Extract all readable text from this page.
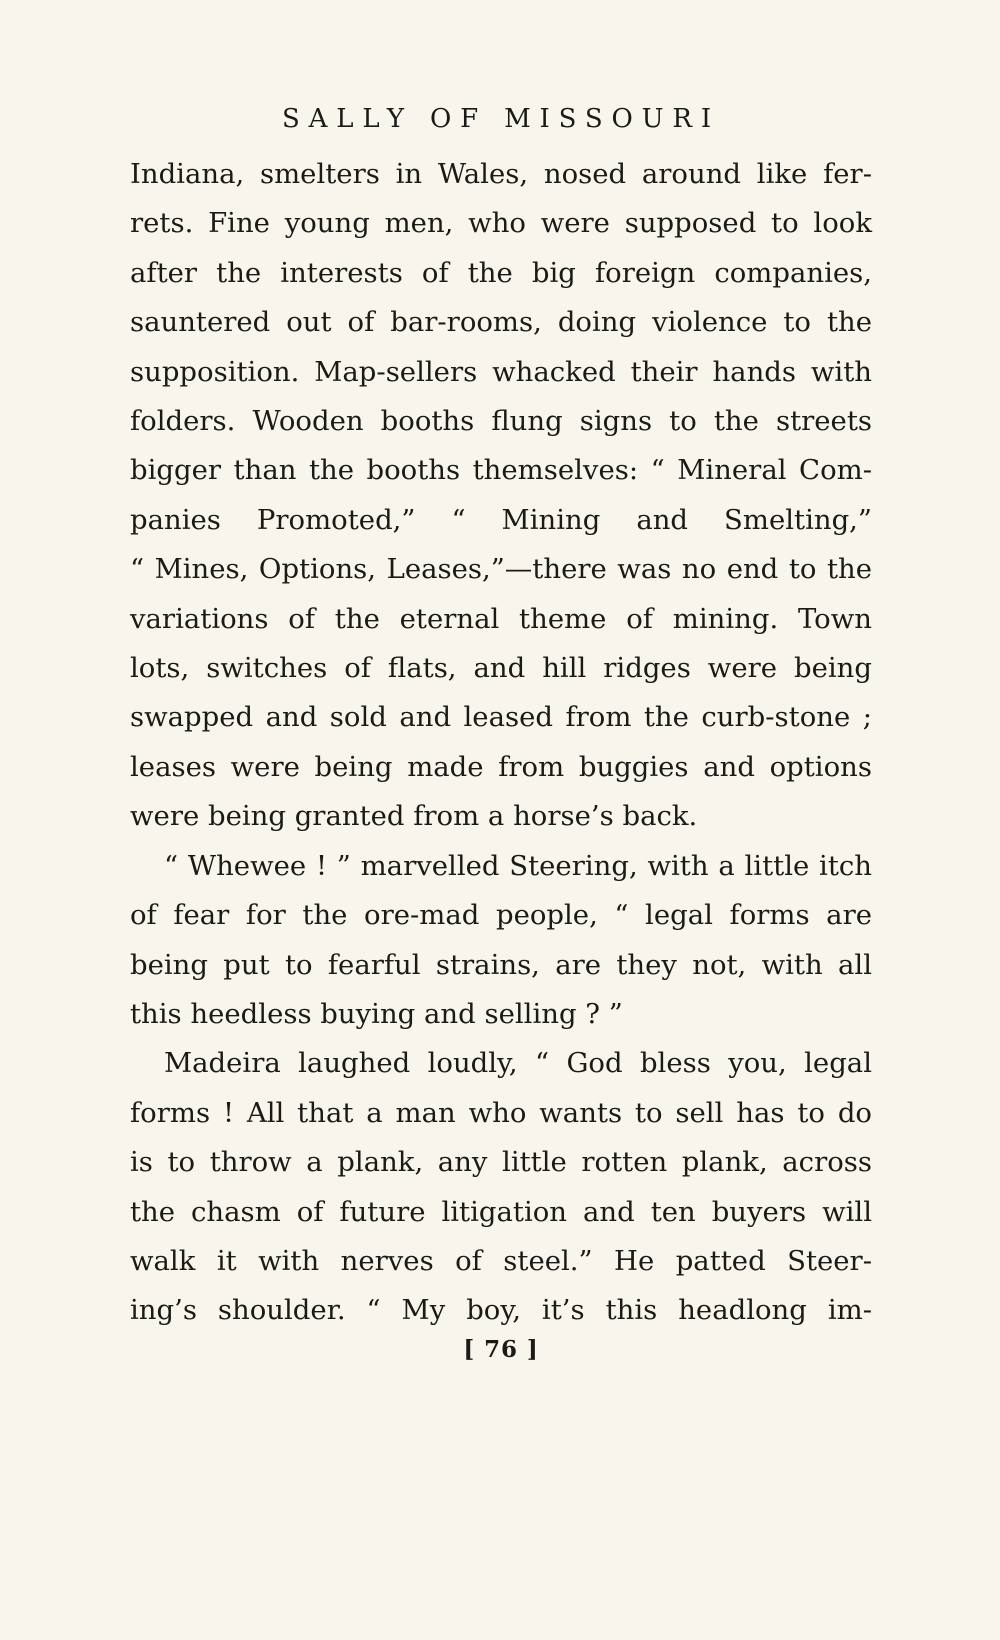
SALLY OF MISSOURI
Indiana, smelters in Wales, nosed around like fer-
rets. Fine young men, who were supposed to look
after the interests of the big foreign companies,
sauntered out of bar-rooms, doing violence to the
supposition. Map-sellers whacked their hands with
folders. Wooden booths flung signs to the streets
bigger than the booths themselves: “ Mineral Com-
panies Promoted,” “ Mining and Smelting,”
“ Mines, Options, Leases,”—there was no end to the
variations of the eternal theme of mining. Town
lots, switches of flats, and hill ridges were being
swapped and sold and leased from the curb-stone ;
leases were being made from buggies and options
were being granted from a horse’s back.
“ Whewee ! ” marvelled Steering, with a little itch
of fear for the ore-mad people, “ legal forms are
being put to fearful strains, are they not, with all
this heedless buying and selling ? ”
Madeira laughed loudly, “ God bless you, legal
forms ! All that a man who wants to sell has to do
is to throw a plank, any little rotten plank, across
the chasm of future litigation and ten buyers will
walk it with nerves of steel.” He patted Steer-
ing’s shoulder. “ My boy, it’s this headlong im-
[ 76 ]
